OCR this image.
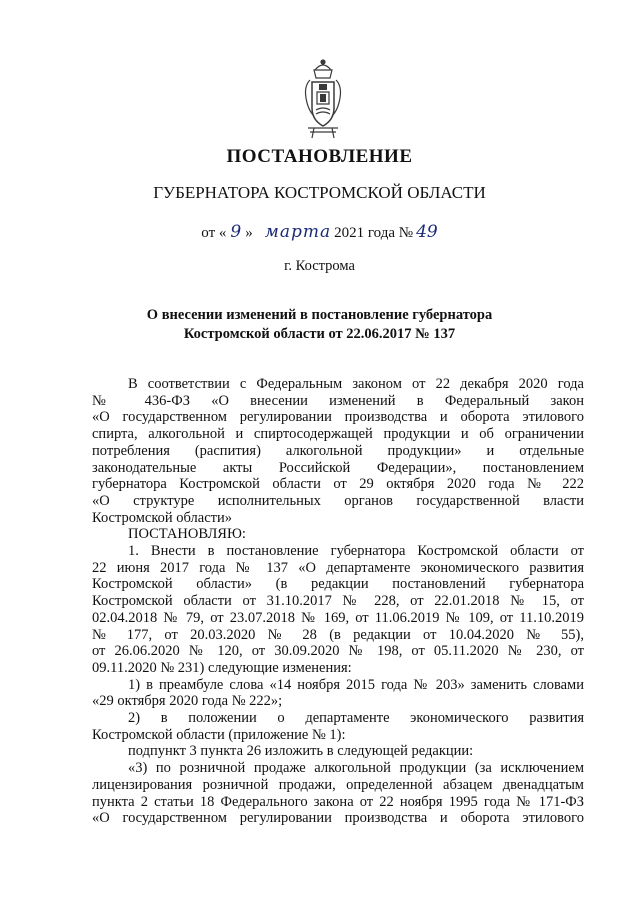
ПОСТАНОВЛЕНИЕ
ГУБЕРНАТОРА КОСТРОМСКОЙ ОБЛАСТИ
от « 9 » марта 2021 года № 49
г. Кострома
О внесении изменений в постановление губернатора
Костромской области от 22.06.2017 № 137

В соответствии с Федеральным законом от 22 декабря 2020 года

№ 436-ФЗ «О внесении изменений в Федеральный закон

«О государственном регулировании производства и оборота этилового

спирта, алкогольной и спиртосодержащей продукции и об ограничении

потребления (распития) алкогольной продукции» и отдельные

законодательные акты Российской Федерации», постановлением

губернатора Костромской области от 29 октября 2020 года № 222

«О структуре исполнительных органов государственной власти

Костромской области»

ПОСТАНОВЛЯЮ:

1. Внести в постановление губернатора Костромской области от

22 июня 2017 года № 137 «О департаменте экономического развития

Костромской области» (в редакции постановлений губернатора

Костромской области от 31.10.2017 № 228, от 22.01.2018 № 15, от

02.04.2018 № 79, от 23.07.2018 № 169, от 11.06.2019 № 109, от 11.10.2019

№ 177, от 20.03.2020 № 28 (в редакции от 10.04.2020 № 55),

от 26.06.2020 № 120, от 30.09.2020 № 198, от 05.11.2020 № 230, от

09.11.2020 № 231) следующие изменения:

1) в преамбуле слова «14 ноября 2015 года № 203» заменить словами

«29 октября 2020 года № 222»;

2) в положении о департаменте экономического развития

Костромской области (приложение № 1):

подпункт 3 пункта 26 изложить в следующей редакции:

«3) по розничной продаже алкогольной продукции (за исключением

лицензирования розничной продажи, определенной абзацем двенадцатым

пункта 2 статьи 18 Федерального закона от 22 ноября 1995 года № 171-ФЗ

«О государственном регулировании производства и оборота этилового
